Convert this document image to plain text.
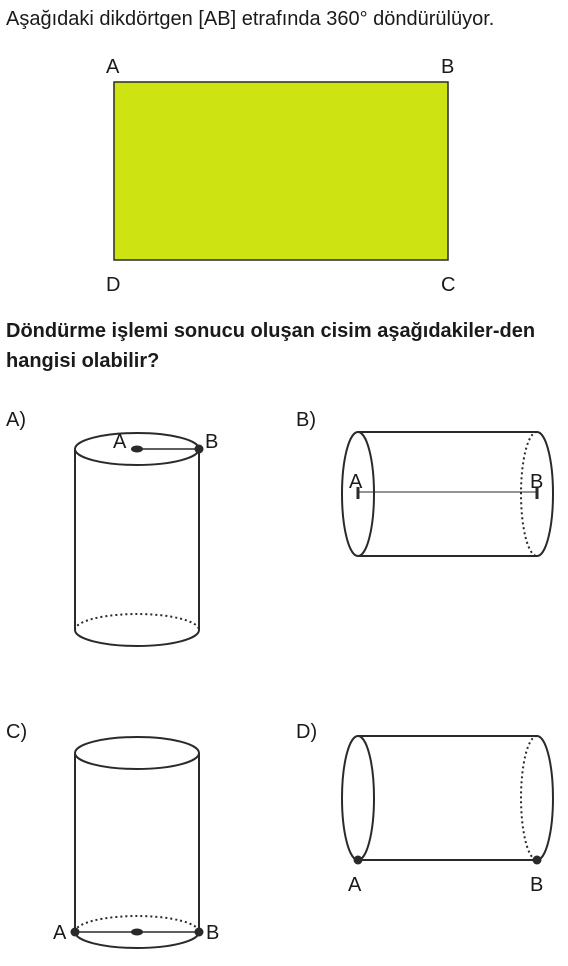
Aşağıdaki dikdörtgen [AB] etrafında 360° döndürülüyor.
A	B
D	C
A	B
A	B
A	B
A	B
Döndürme işlemi sonucu oluşan cisim aşağıdakiler-den hangisi olabilir?
A)	B)
C)	D)
